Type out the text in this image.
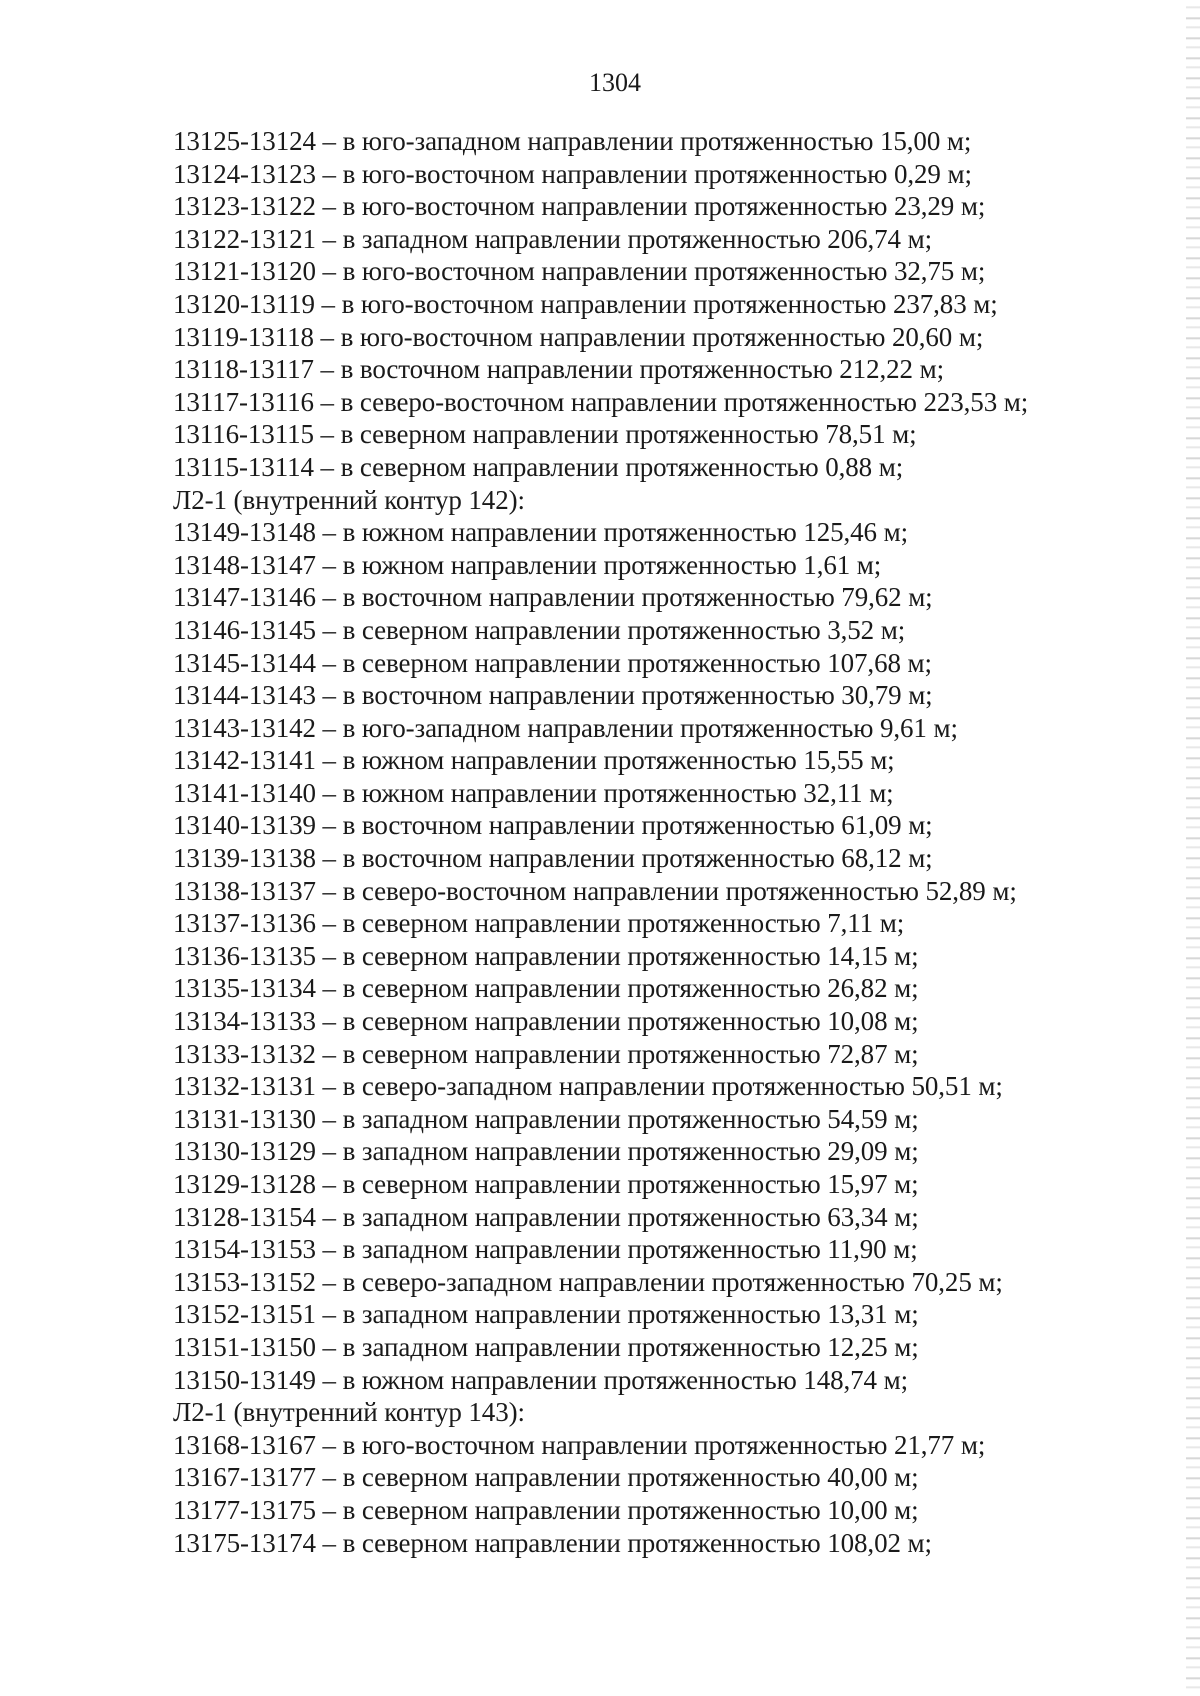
1304
13125-13124 – в юго-западном направлении протяженностью 15,00 м;
13124-13123 – в юго-восточном направлении протяженностью 0,29 м;
13123-13122 – в юго-восточном направлении протяженностью 23,29 м;
13122-13121 – в западном направлении протяженностью 206,74 м;
13121-13120 – в юго-восточном направлении протяженностью 32,75 м;
13120-13119 – в юго-восточном направлении протяженностью 237,83 м;
13119-13118 – в юго-восточном направлении протяженностью 20,60 м;
13118-13117 – в восточном направлении протяженностью 212,22 м;
13117-13116 – в северо-восточном направлении протяженностью 223,53 м;
13116-13115 – в северном направлении протяженностью 78,51 м;
13115-13114 – в северном направлении протяженностью 0,88 м;
Л2-1 (внутренний контур 142):
13149-13148 – в южном направлении протяженностью 125,46 м;
13148-13147 – в южном направлении протяженностью 1,61 м;
13147-13146 – в восточном направлении протяженностью 79,62 м;
13146-13145 – в северном направлении протяженностью 3,52 м;
13145-13144 – в северном направлении протяженностью 107,68 м;
13144-13143 – в восточном направлении протяженностью 30,79 м;
13143-13142 – в юго-западном направлении протяженностью 9,61 м;
13142-13141 – в южном направлении протяженностью 15,55 м;
13141-13140 – в южном направлении протяженностью 32,11 м;
13140-13139 – в восточном направлении протяженностью 61,09 м;
13139-13138 – в восточном направлении протяженностью 68,12 м;
13138-13137 – в северо-восточном направлении протяженностью 52,89 м;
13137-13136 – в северном направлении протяженностью 7,11 м;
13136-13135 – в северном направлении протяженностью 14,15 м;
13135-13134 – в северном направлении протяженностью 26,82 м;
13134-13133 – в северном направлении протяженностью 10,08 м;
13133-13132 – в северном направлении протяженностью 72,87 м;
13132-13131 – в северо-западном направлении протяженностью 50,51 м;
13131-13130 – в западном направлении протяженностью 54,59 м;
13130-13129 – в западном направлении протяженностью 29,09 м;
13129-13128 – в северном направлении протяженностью 15,97 м;
13128-13154 – в западном направлении протяженностью 63,34 м;
13154-13153 – в западном направлении протяженностью 11,90 м;
13153-13152 – в северо-западном направлении протяженностью 70,25 м;
13152-13151 – в западном направлении протяженностью 13,31 м;
13151-13150 – в западном направлении протяженностью 12,25 м;
13150-13149 – в южном направлении протяженностью 148,74 м;
Л2-1 (внутренний контур 143):
13168-13167 – в юго-восточном направлении протяженностью 21,77 м;
13167-13177 – в северном направлении протяженностью 40,00 м;
13177-13175 – в северном направлении протяженностью 10,00 м;
13175-13174 – в северном направлении протяженностью 108,02 м;
